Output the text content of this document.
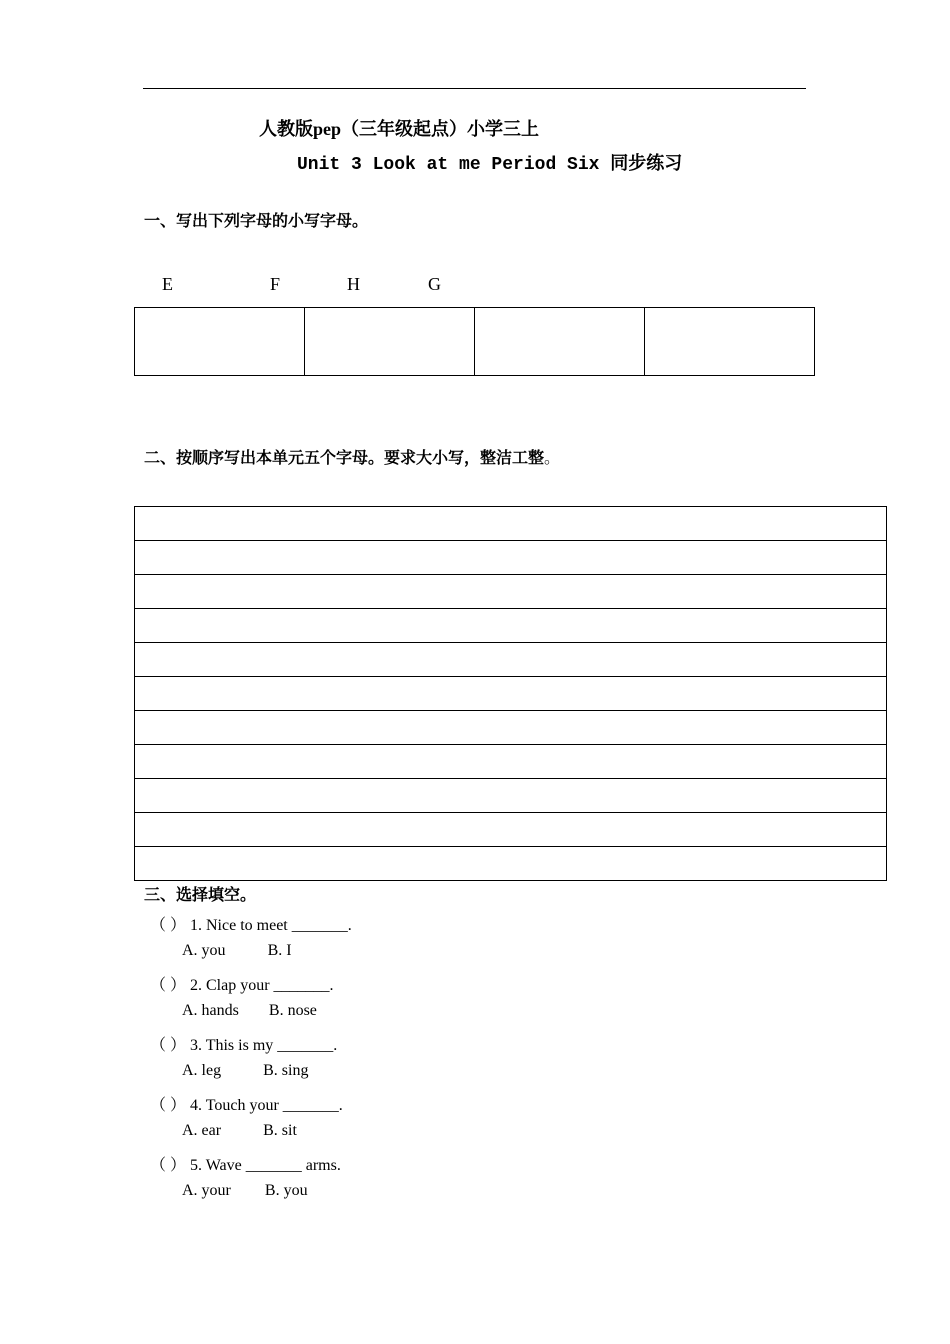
人教版pep（三年级起点）小学三上
Unit 3 Look at me Period Six 同步练习
一、写出下列字母的小写字母。
E	F	H	G
二、按顺序写出本单元五个字母。要求大小写，整洁工整。
三、选择填空。
（ ） 1. Nice to meet _______.
A. you	B. I
（ ） 2. Clap your _______.
A. hands B. nose
（ ） 3. This is my _______.
A. leg	B. sing
（ ） 4. Touch your _______.
A. ear	B. sit
（ ） 5. Wave _______ arms.
A. your B. you
